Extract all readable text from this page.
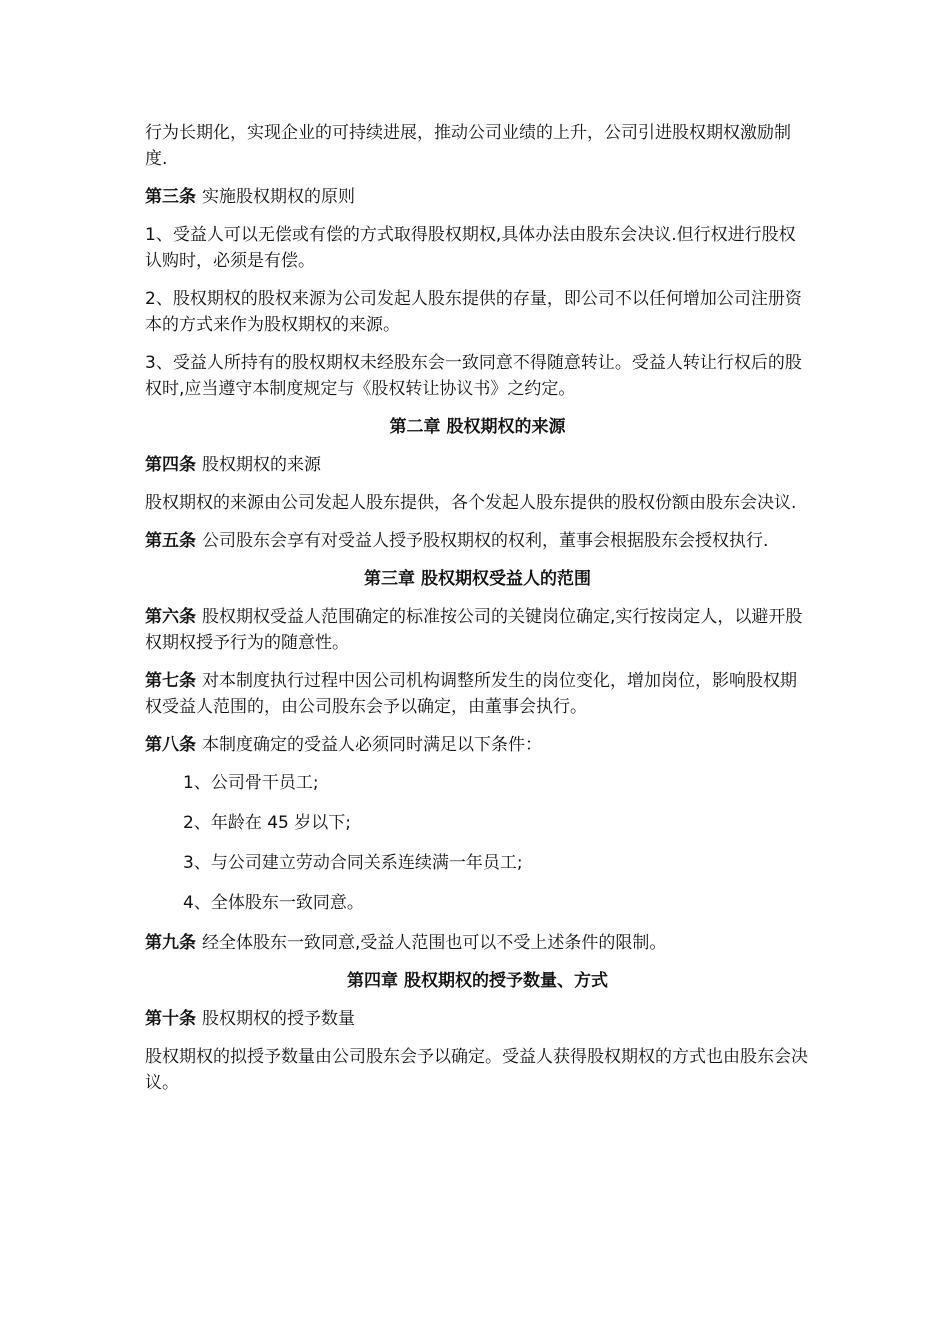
行为长期化，实现企业的可持续进展，推动公司业绩的上升，公司引进股权期权激励制度.

第三条 实施股权期权的原则

1、受益人可以无偿或有偿的方式取得股权期权,具体办法由股东会决议.但行权进行股权认购时，必须是有偿。

2、股权期权的股权来源为公司发起人股东提供的存量，即公司不以任何增加公司注册资本的方式来作为股权期权的来源。

3、受益人所持有的股权期权未经股东会一致同意不得随意转让。受益人转让行权后的股权时,应当遵守本制度规定与《股权转让协议书》之约定。

第二章 股权期权的来源

第四条 股权期权的来源

股权期权的来源由公司发起人股东提供，各个发起人股东提供的股权份额由股东会决议.

第五条 公司股东会享有对受益人授予股权期权的权利，董事会根据股东会授权执行.

第三章 股权期权受益人的范围

第六条 股权期权受益人范围确定的标准按公司的关键岗位确定,实行按岗定人，以避开股权期权授予行为的随意性。

第七条 对本制度执行过程中因公司机构调整所发生的岗位变化，增加岗位，影响股权期权受益人范围的，由公司股东会予以确定，由董事会执行。

第八条 本制度确定的受益人必须同时满足以下条件：

1、公司骨干员工;

2、年龄在 45 岁以下;

3、与公司建立劳动合同关系连续满一年员工;

4、全体股东一致同意。

第九条 经全体股东一致同意,受益人范围也可以不受上述条件的限制。

第四章 股权期权的授予数量、方式

第十条 股权期权的授予数量

股权期权的拟授予数量由公司股东会予以确定。受益人获得股权期权的方式也由股东会决议。
